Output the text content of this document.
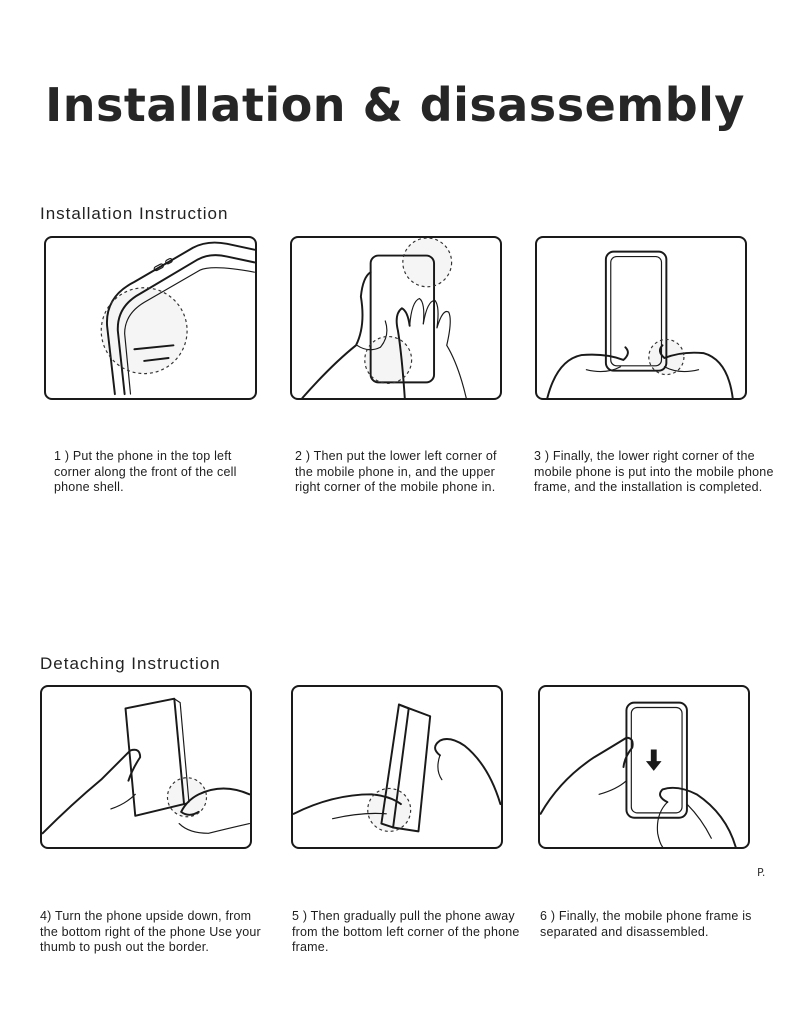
Installation & disassembly
Installation Instruction
1 ) Put the phone in the top left corner along the front of the cell phone shell.
2 ) Then put the lower left corner of the mobile phone in, and the upper right corner of the mobile phone in.
3 ) Finally, the lower right corner of the mobile phone is put into the mobile phone frame, and the installation is completed.
Detaching Instruction
P.
4) Turn the phone upside down, from the bottom right of the phone Use your thumb to push out the border.
5 ) Then gradually pull the phone away from the bottom left corner of the phone frame.
6 ) Finally, the mobile phone frame is separated and disassembled.
